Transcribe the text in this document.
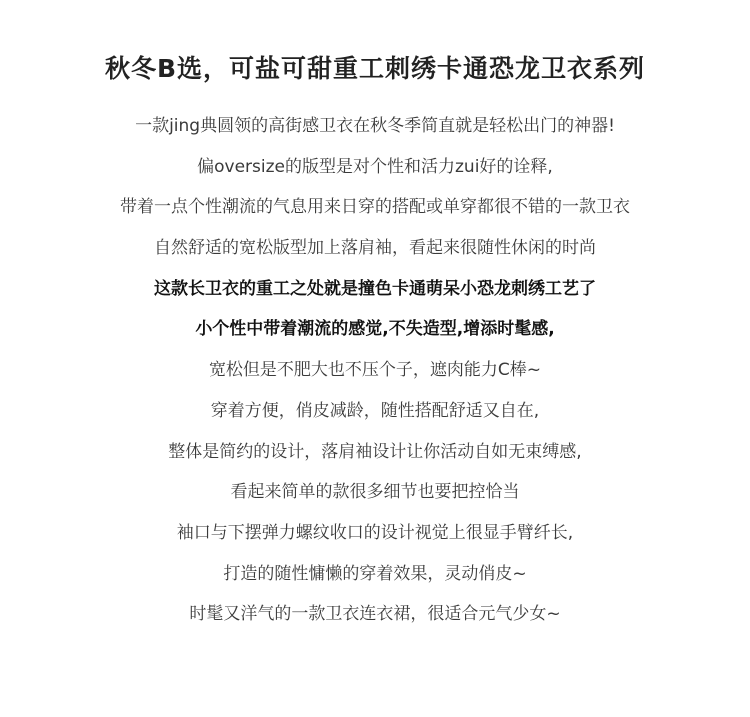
秋冬B选，可盐可甜重工刺绣卡通恐龙卫衣系列
一款jing典圆领的高街感卫衣在秋冬季简直就是轻松出门的神器!
偏oversize的版型是对个性和活力zui好的诠释,
带着一点个性潮流的气息用来日穿的搭配或单穿都很不错的一款卫衣
自然舒适的宽松版型加上落肩袖，看起来很随性休闲的时尚
这款长卫衣的重工之处就是撞色卡通萌呆小恐龙刺绣工艺了
小个性中带着潮流的感觉,不失造型,增添时髦感,
宽松但是不肥大也不压个子，遮肉能力C棒~
穿着方便，俏皮减龄，随性搭配舒适又自在,
整体是简约的设计，落肩袖设计让你活动自如无束缚感,
看起来简单的款很多细节也要把控恰当
袖口与下摆弹力螺纹收口的设计视觉上很显手臂纤长,
打造的随性慵懒的穿着效果，灵动俏皮~
时髦又洋气的一款卫衣连衣裙，很适合元气少女~
